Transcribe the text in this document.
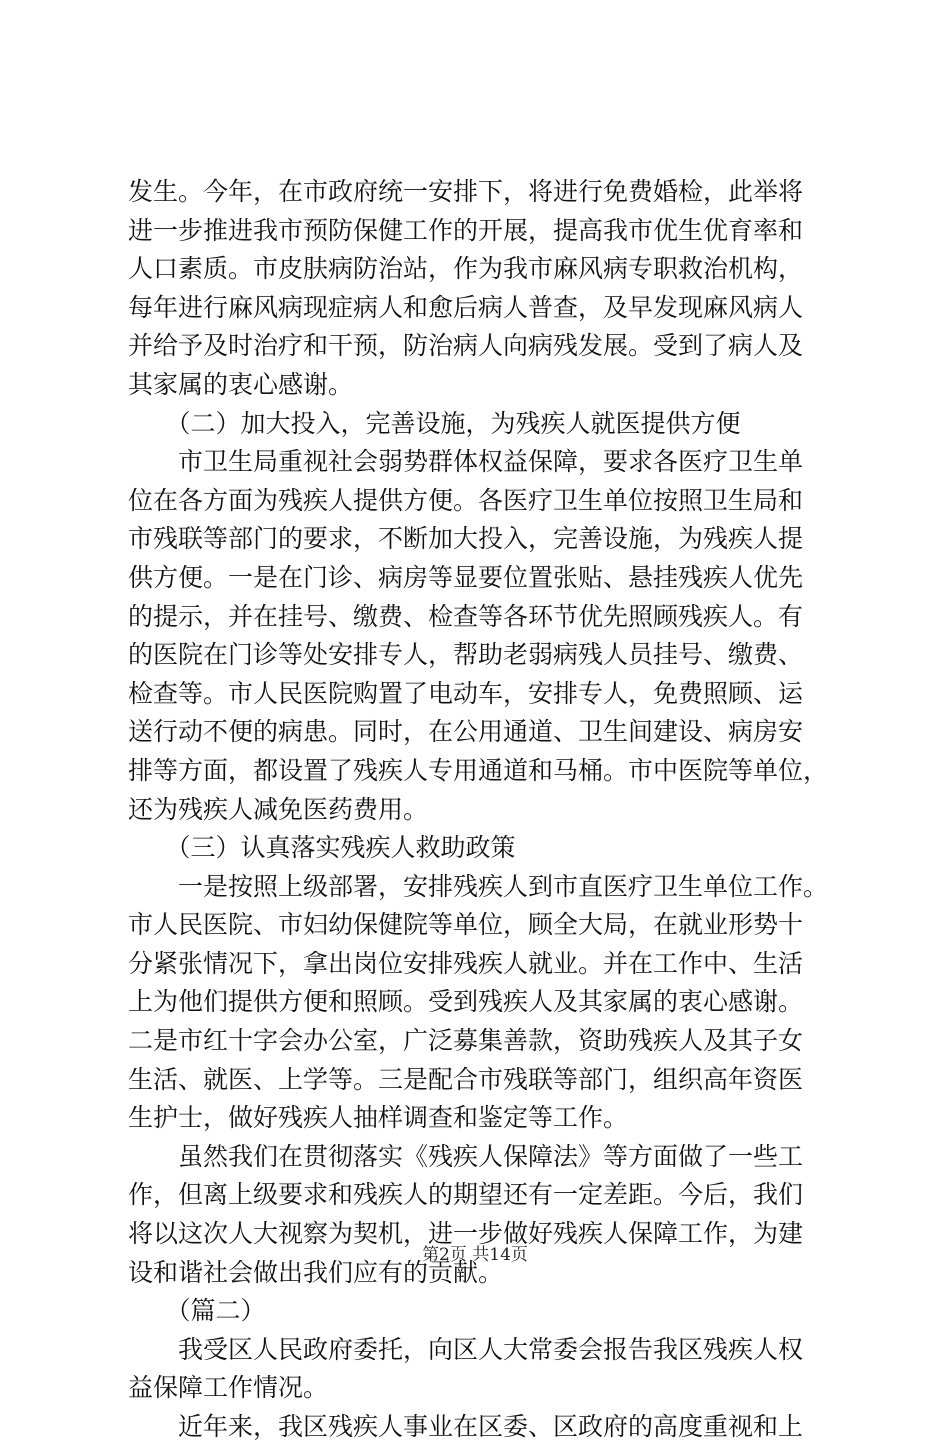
发生。今年，在市政府统一安排下，将进行免费婚检，此举将
进一步推进我市预防保健工作的开展，提高我市优生优育率和
人口素质。市皮肤病防治站，作为我市麻风病专职救治机构，
每年进行麻风病现症病人和愈后病人普查，及早发现麻风病人
并给予及时治疗和干预，防治病人向病残发展。受到了病人及
其家属的衷心感谢。
　　（二）加大投入，完善设施，为残疾人就医提供方便
　　市卫生局重视社会弱势群体权益保障，要求各医疗卫生单
位在各方面为残疾人提供方便。各医疗卫生单位按照卫生局和
市残联等部门的要求，不断加大投入，完善设施，为残疾人提
供方便。一是在门诊、病房等显要位置张贴、悬挂残疾人优先
的提示，并在挂号、缴费、检查等各环节优先照顾残疾人。有
的医院在门诊等处安排专人，帮助老弱病残人员挂号、缴费、
检查等。市人民医院购置了电动车，安排专人，免费照顾、运
送行动不便的病患。同时，在公用通道、卫生间建设、病房安
排等方面，都设置了残疾人专用通道和马桶。市中医院等单位，
还为残疾人减免医药费用。
　　（三）认真落实残疾人救助政策
　　一是按照上级部署，安排残疾人到市直医疗卫生单位工作。
市人民医院、市妇幼保健院等单位，顾全大局，在就业形势十
分紧张情况下，拿出岗位安排残疾人就业。并在工作中、生活
上为他们提供方便和照顾。受到残疾人及其家属的衷心感谢。
二是市红十字会办公室，广泛募集善款，资助残疾人及其子女
生活、就医、上学等。三是配合市残联等部门，组织高年资医
生护士，做好残疾人抽样调查和鉴定等工作。
　　虽然我们在贯彻落实《残疾人保障法》等方面做了一些工
作，但离上级要求和残疾人的期望还有一定差距。今后，我们
将以这次人大视察为契机，进一步做好残疾人保障工作，为建
设和谐社会做出我们应有的贡献。
　　（篇二）
　　我受区人民政府委托，向区人大常委会报告我区残疾人权
益保障工作情况。
　　近年来，我区残疾人事业在区委、区政府的高度重视和上
第2页 共14页
